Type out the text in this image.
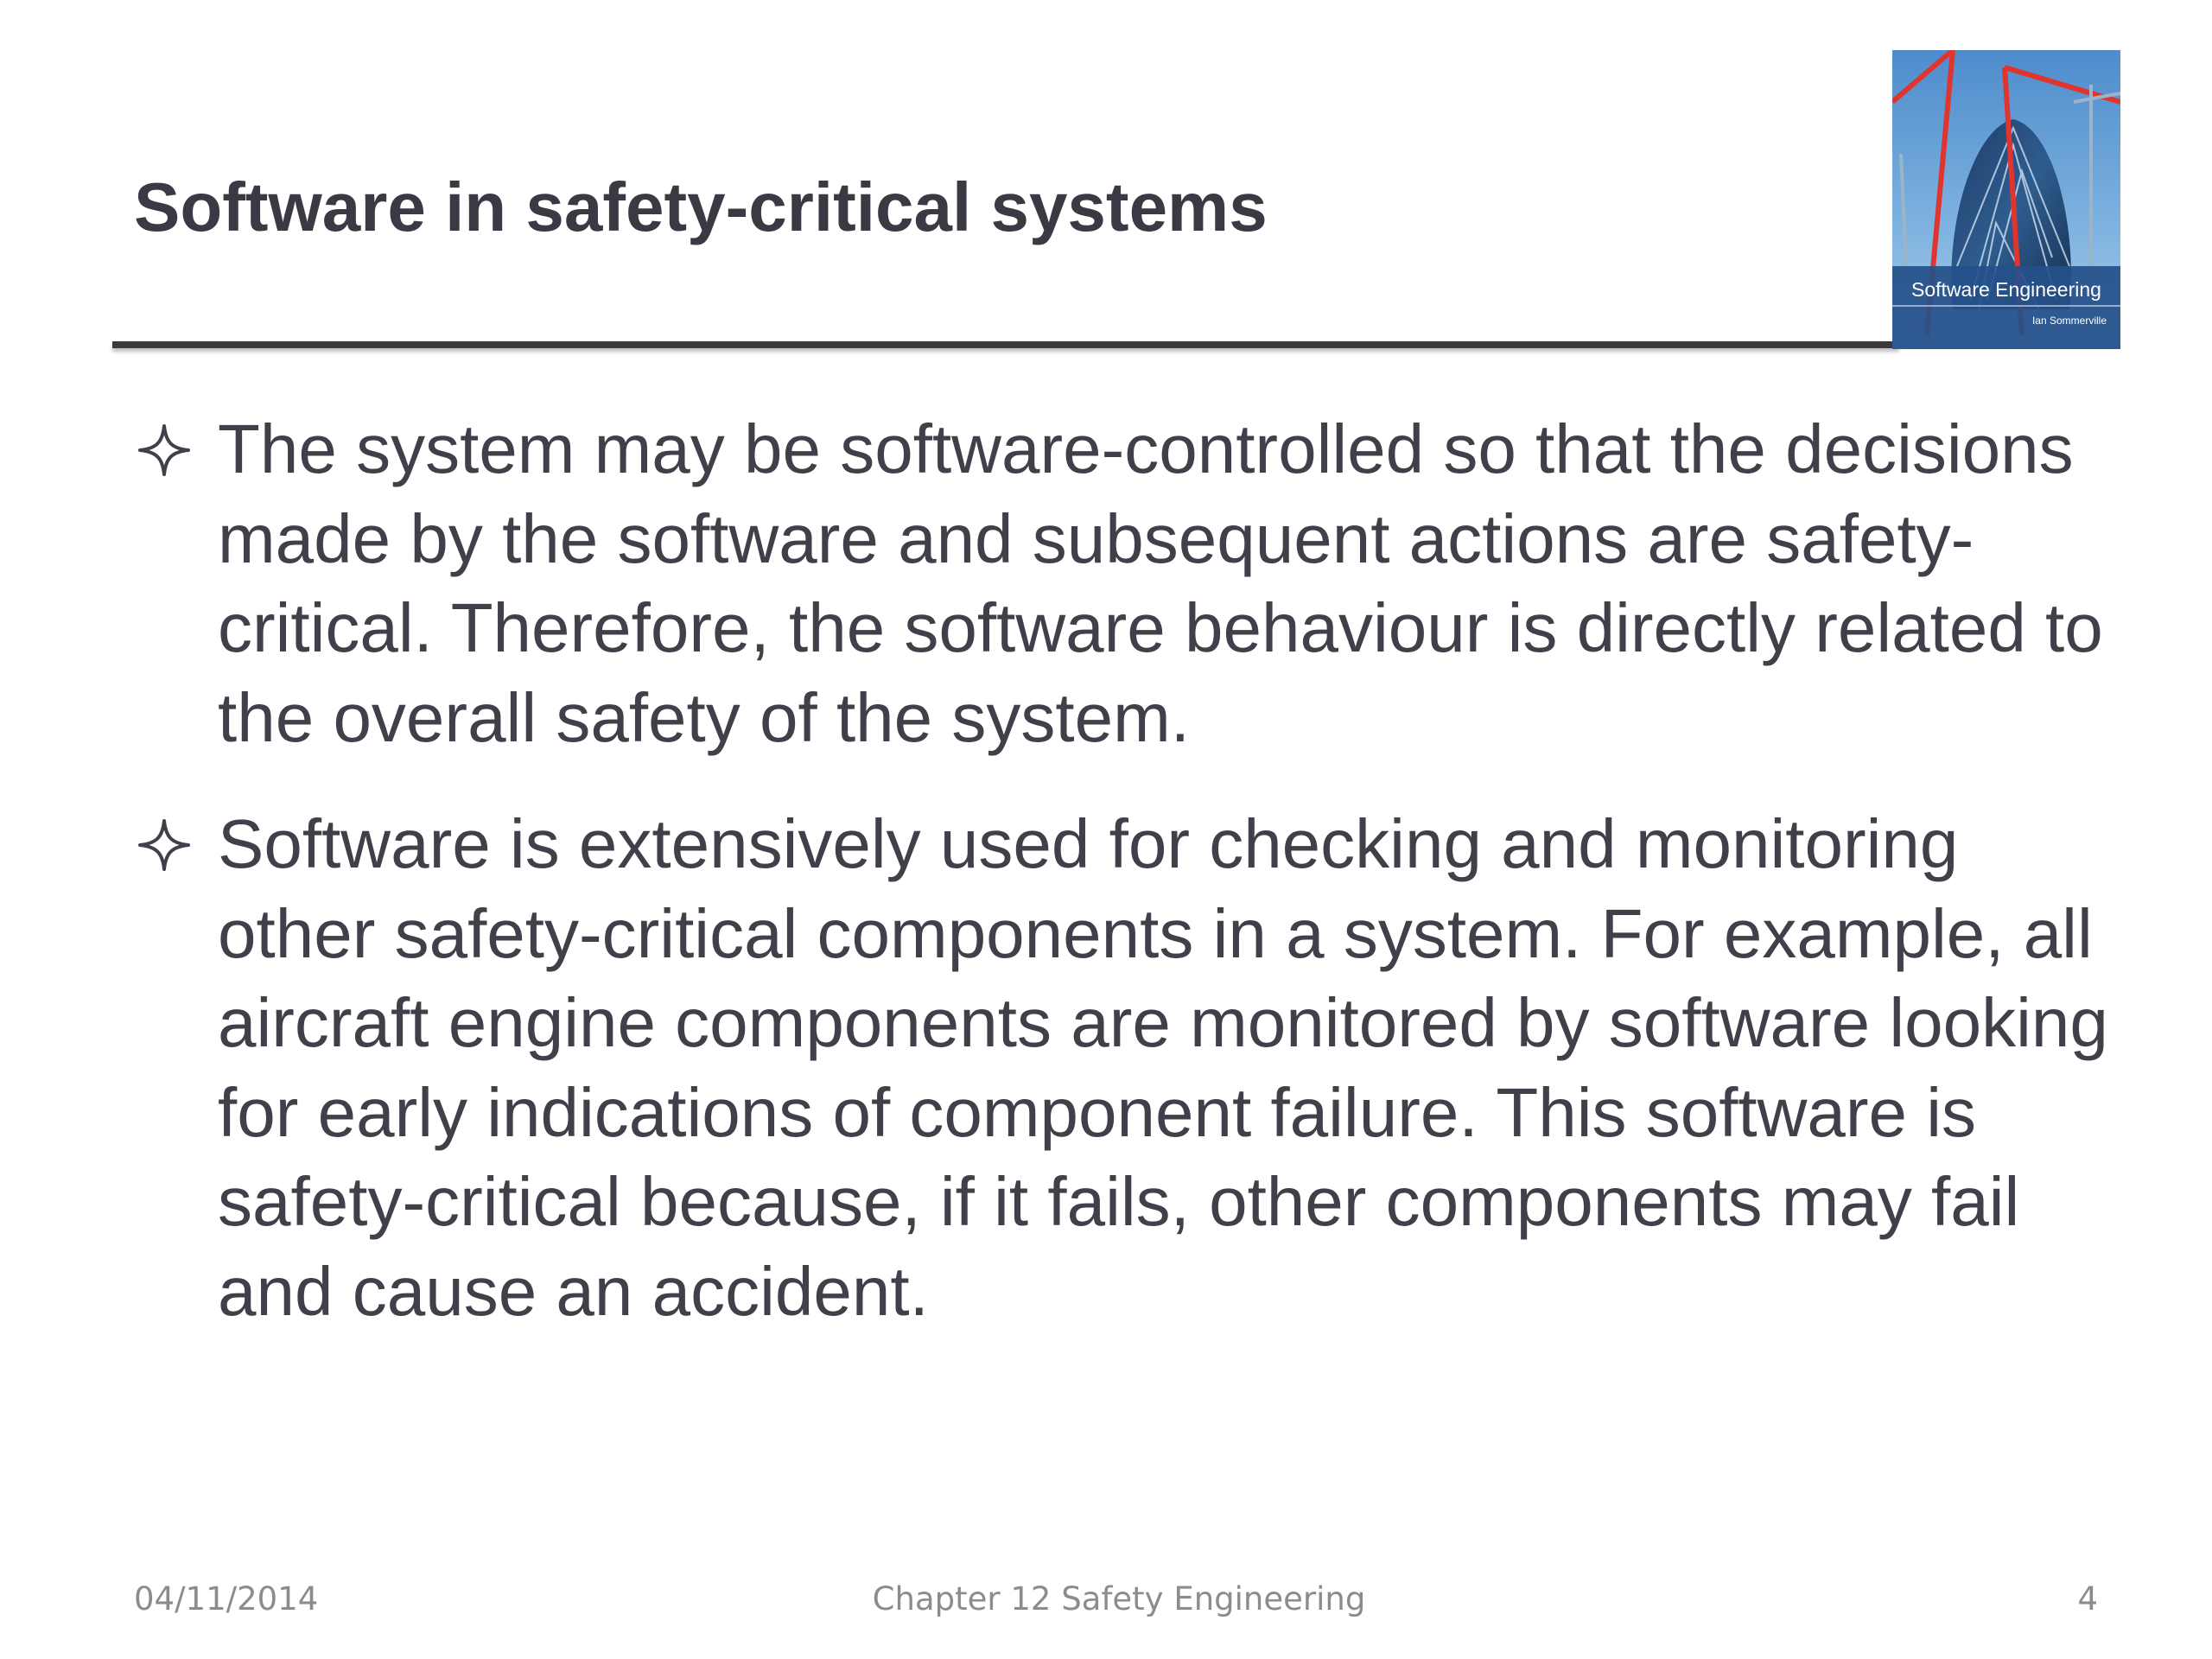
Software in safety-critical systems
Software Engineering
Ian Sommerville
The system may be software-controlled so that the decisions made by the software and subsequent actions are safety-critical. Therefore, the software behaviour is directly related to the overall safety of the system.
Software is extensively used for checking and monitoring other safety-critical components in a system. For example, all aircraft engine components are monitored by software looking for early indications of component failure. This software is safety-critical because, if it fails, other components may fail and cause an accident.
04/11/2014	Chapter 12 Safety Engineering	4
